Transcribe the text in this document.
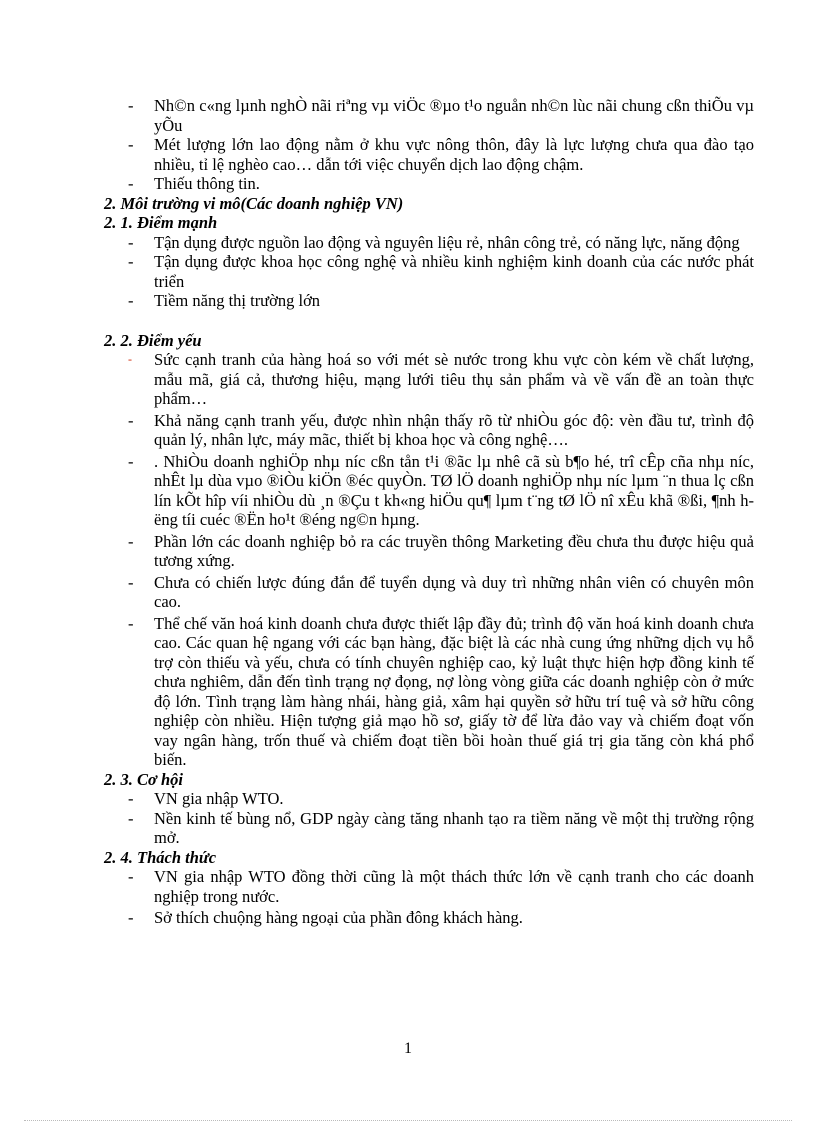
- Nh©n c«ng lµnh nghÒ nãi riªng vµ viÖc ®µo t¹o nguån nh©n lùc nãi chung cßn thiÕu vµ yÕu
- Mét lượng lớn lao động nằm ở khu vực nông thôn, đây là lực lượng chưa qua đào tạo nhiều, tỉ lệ nghèo cao… dẫn tới việc chuyển dịch lao động chậm.
- Thiếu thông tin.

2. Môi trường vi mô(Các doanh nghiệp VN)

2. 1. Điểm mạnh

- Tận dụng được nguồn lao động và nguyên liệu rẻ, nhân công trẻ, có năng lực, năng động
- Tận dụng được khoa học công nghệ và nhiều kinh nghiệm kinh doanh của các nước phát triển
- Tiềm năng thị trường lớn

2. 2. Điểm yếu

- Sức cạnh tranh của hàng hoá so với mét sè nước trong khu vực còn kém về chất lượng, mẫu mã, giá cả, thương hiệu, mạng lưới tiêu thụ sản phẩm và về vấn đề an toàn thực phẩm…
- Khả năng cạnh tranh yếu, được nhìn nhận thấy rõ từ nhiÒu góc độ: vèn đầu tư, trình độ quản lý, nhân lực, máy mãc, thiết bị khoa học và công nghệ….
- . NhiÒu doanh nghiÖp nhµ níc cßn tån t¹i ®ãc lµ nhê cã sù b¶o hé, trî cÊp cña nhµ níc, nhÊt lµ dùa vµo ®iÒu kiÖn ®éc quyÒn. TØ lÖ doanh nghiÖp nhµ níc lµm ¨n thua lç cßn lín kÕt hîp víi nhiÒu dù ¸n ®Çu t kh«ng hiÖu qu¶ lµm t¨ng tØ lÖ nî xÊu khã ®ßi, ¶nh hëng tíi cuéc ®Ën ho¹t ®éng ng©n hµng.
- Phần lớn các doanh nghiệp bỏ ra các truyền thông Marketing đều chưa thu được hiệu quả tương xứng.
- Chưa có chiến lược đúng đắn để tuyển dụng và duy trì những nhân viên có chuyên môn cao.
- Thể chế văn hoá kinh doanh chưa được thiết lập đầy đủ; trình độ văn hoá kinh doanh chưa cao. Các quan hệ ngang với các bạn hàng, đặc biệt là các nhà cung ứng những dịch vụ hỗ trợ còn thiếu và yếu, chưa có tính chuyên nghiệp cao, kỷ luật thực hiện hợp đồng kinh tế chưa nghiêm, dẫn đến tình trạng nợ đọng, nợ lòng vòng giữa các doanh nghiệp còn ở mức độ lớn. Tình trạng làm hàng nhái, hàng giả, xâm hại quyền sở hữu trí tuệ và sở hữu công nghiệp còn nhiều. Hiện tượng giả mạo hồ sơ, giấy tờ để lừa đảo vay và chiếm đoạt vốn vay ngân hàng, trốn thuế và chiếm đoạt tiền bồi hoàn thuế giá trị gia tăng còn khá phổ biến.

2. 3. Cơ hội

- VN gia nhập WTO.
- Nền kinh tế bùng nổ, GDP ngày càng tăng nhanh tạo ra tiềm năng về một thị trường rộng mở.

2. 4. Thách thức

- VN gia nhập WTO đồng thời cũng là một thách thức lớn về cạnh tranh cho các doanh nghiệp trong nước.
- Sở thích chuộng hàng ngoại của phần đông khách hàng.
1
